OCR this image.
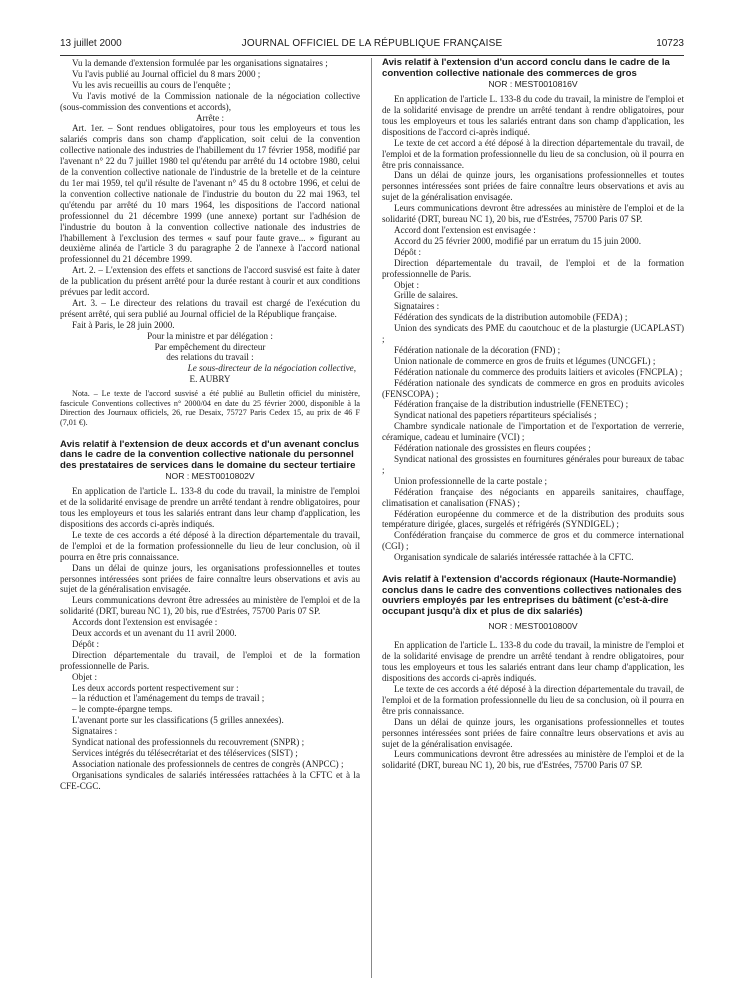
13 juillet 2000	JOURNAL OFFICIEL DE LA RÉPUBLIQUE FRANÇAISE	10723

Vu la demande d'extension formulée par les organisations signataires ;

Vu l'avis publié au Journal officiel du 8 mars 2000 ;

Vu les avis recueillis au cours de l'enquête ;

Vu l'avis motivé de la Commission nationale de la négociation collective (sous-commission des conventions et accords),

Arrête :

Art. 1er. – Sont rendues obligatoires, pour tous les employeurs et tous les salariés compris dans son champ d'application, soit celui de la convention collective nationale des industries de l'habillement du 17 février 1958, modifié par l'avenant n° 22 du 7 juillet 1980 tel qu'étendu par arrêté du 14 octobre 1980, celui de la convention collective nationale de l'industrie de la bretelle et de la ceinture du 1er mai 1959, tel qu'il résulte de l'avenant n° 45 du 8 octobre 1996, et celui de la convention collective nationale de l'industrie du bouton du 22 mai 1963, tel qu'étendu par arrêté du 10 mars 1964, les dispositions de l'accord national professionnel du 21 décembre 1999 (une annexe) portant sur l'adhésion de l'industrie du bouton à la convention collective nationale des industries de l'habillement à l'exclusion des termes « sauf pour faute grave... » figurant au deuxième alinéa de l'article 3 du paragraphe 2 de l'annexe à l'accord national professionnel du 21 décembre 1999.

Art. 2. – L'extension des effets et sanctions de l'accord susvisé est faite à dater de la publication du présent arrêté pour la durée restant à courir et aux conditions prévues par ledit accord.

Art. 3. – Le directeur des relations du travail est chargé de l'exécution du présent arrêté, qui sera publié au Journal officiel de la République française.

Fait à Paris, le 28 juin 2000.

Pour la ministre et par délégation :

Par empêchement du directeur

des relations du travail :

Le sous-directeur de la négociation collective,

E. AUBRY

Nota. – Le texte de l'accord susvisé a été publié au Bulletin officiel du ministère, fascicule Conventions collectives n° 2000/04 en date du 25 février 2000, disponible à la Direction des Journaux officiels, 26, rue Desaix, 75727 Paris Cedex 15, au prix de 46 F (7,01 €).

Avis relatif à l'extension de deux accords et d'un avenant conclus dans le cadre de la convention collective nationale du personnel des prestataires de services dans le domaine du secteur tertiaire

NOR : MESТ0010802V

En application de l'article L. 133-8 du code du travail, la ministre de l'emploi et de la solidarité envisage de prendre un arrêté tendant à rendre obligatoires, pour tous les employeurs et tous les salariés entrant dans leur champ d'application, les dispositions des accords ci-après indiqués.

Le texte de ces accords a été déposé à la direction départementale du travail, de l'emploi et de la formation professionnelle du lieu de leur conclusion, où il pourra en être pris connaissance.

Dans un délai de quinze jours, les organisations professionnelles et toutes personnes intéressées sont priées de faire connaître leurs observations et avis au sujet de la généralisation envisagée.

Leurs communications devront être adressées au ministère de l'emploi et de la solidarité (DRT, bureau NC 1), 20 bis, rue d'Estrées, 75700 Paris 07 SP.

Accords dont l'extension est envisagée :

Deux accords et un avenant du 11 avril 2000.

Dépôt :

Direction départementale du travail, de l'emploi et de la formation professionnelle de Paris.

Objet :

Les deux accords portent respectivement sur :

– la réduction et l'aménagement du temps de travail ;

– le compte-épargne temps.

L'avenant porte sur les classifications (5 grilles annexées).

Signataires :

Syndicat national des professionnels du recouvrement (SNPR) ;

Services intégrés du télésecrétariat et des téléservices (SIST) ;

Association nationale des professionnels de centres de congrès (ANPCC) ;

Organisations syndicales de salariés intéressées rattachées à la CFTC et à la CFE-CGC.

Avis relatif à l'extension d'un accord conclu dans le cadre de la convention collective nationale des commerces de gros

NOR : MESТ0010816V

En application de l'article L. 133-8 du code du travail, la ministre de l'emploi et de la solidarité envisage de prendre un arrêté tendant à rendre obligatoires, pour tous les employeurs et tous les salariés entrant dans son champ d'application, les dispositions de l'accord ci-après indiqué.

Le texte de cet accord a été déposé à la direction départementale du travail, de l'emploi et de la formation professionnelle du lieu de sa conclusion, où il pourra en être pris connaissance.

Dans un délai de quinze jours, les organisations professionnelles et toutes personnes intéressées sont priées de faire connaître leurs observations et avis au sujet de la généralisation envisagée.

Leurs communications devront être adressées au ministère de l'emploi et de la solidarité (DRT, bureau NC 1), 20 bis, rue d'Estrées, 75700 Paris 07 SP.

Accord dont l'extension est envisagée :

Accord du 25 février 2000, modifié par un erratum du 15 juin 2000.

Dépôt :

Direction départementale du travail, de l'emploi et de la formation professionnelle de Paris.

Objet :

Grille de salaires.

Signataires :

Fédération des syndicats de la distribution automobile (FEDA) ;

Union des syndicats des PME du caoutchouc et de la plasturgie (UCAPLAST) ;

Fédération nationale de la décoration (FND) ;

Union nationale de commerce en gros de fruits et légumes (UNCGFL) ;

Fédération nationale du commerce des produits laitiers et avicoles (FNCPLA) ;

Fédération nationale des syndicats de commerce en gros en produits avicoles (FENSCOPA) ;

Fédération française de la distribution industrielle (FENETEC) ;

Syndicat national des papetiers répartiteurs spécialisés ;

Chambre syndicale nationale de l'importation et de l'exportation de verrerie, céramique, cadeau et luminaire (VCI) ;

Fédération nationale des grossistes en fleurs coupées ;

Syndicat national des grossistes en fournitures générales pour bureaux de tabac ;

Union professionnelle de la carte postale ;

Fédération française des négociants en appareils sanitaires, chauffage, climatisation et canalisation (FNAS) ;

Fédération européenne du commerce et de la distribution des produits sous température dirigée, glaces, surgelés et réfrigérés (SYNDIGEL) ;

Confédération française du commerce de gros et du commerce international (CGI) ;

Organisation syndicale de salariés intéressée rattachée à la CFTC.

Avis relatif à l'extension d'accords régionaux (Haute-Normandie) conclus dans le cadre des conventions collectives nationales des ouvriers employés par les entreprises du bâtiment (c'est-à-dire occupant jusqu'à dix et plus de dix salariés)

NOR : MESТ0010800V

En application de l'article L. 133-8 du code du travail, la ministre de l'emploi et de la solidarité envisage de prendre un arrêté tendant à rendre obligatoires, pour tous les employeurs et tous les salariés entrant dans leur champ d'application, les dispositions des accords ci-après indiqués.

Le texte de ces accords a été déposé à la direction départementale du travail, de l'emploi et de la formation professionnelle du lieu de sa conclusion, où il pourra en être pris connaissance.

Dans un délai de quinze jours, les organisations professionnelles et toutes personnes intéressées sont priées de faire connaître leurs observations et avis au sujet de la généralisation envisagée.

Leurs communications devront être adressées au ministère de l'emploi et de la solidarité (DRT, bureau NC 1), 20 bis, rue d'Estrées, 75700 Paris 07 SP.
